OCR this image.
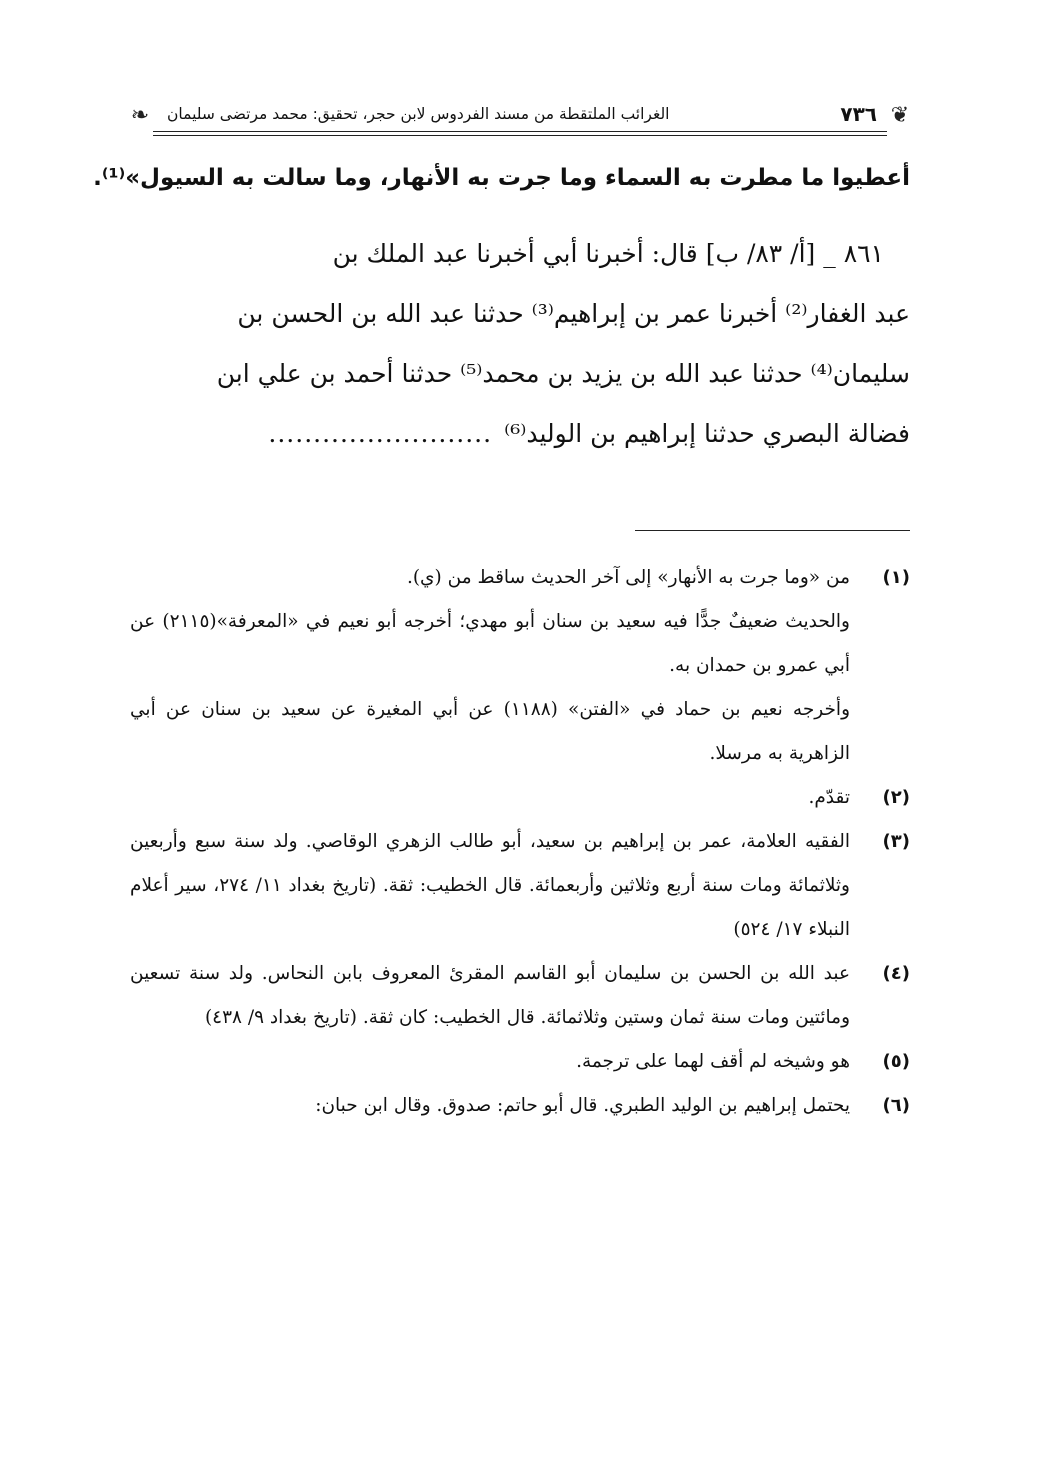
❦
٧٣٦
الغرائب الملتقطة من مسند الفردوس لابن حجر، تحقيق: محمد مرتضى سليمان
❧
أعطيوا ما مطرت به السماء وما جرت به الأنهار، وما سالت به السيول»⁽¹⁾.
٨٦١ _ [أ/ ٨٣/ ب] قال: أخبرنا أبي أخبرنا عبد الملك بن
عبد الغفار⁽²⁾ أخبرنا عمر بن إبراهيم⁽³⁾ حدثنا عبد الله بن الحسن بن
سليمان⁽⁴⁾ حدثنا عبد الله بن يزيد بن محمد⁽⁵⁾ حدثنا أحمد بن علي ابن
فضالة البصري حدثنا إبراهيم بن الوليد⁽⁶⁾
.........................
(١)
من «وما جرت به الأنهار» إلى آخر الحديث ساقط من (ي).
والحديث ضعيفٌ جدًّا فيه سعيد بن سنان أبو مهدي؛ أخرجه أبو نعيم في «المعرفة»(٢١١٥) عن أبي عمرو بن حمدان به.
وأخرجه نعيم بن حماد في «الفتن» (١١٨٨) عن أبي المغيرة عن سعيد بن سنان عن أبي الزاهرية به مرسلا.
(٢)
تقدّم.
(٣)
الفقيه العلامة، عمر بن إبراهيم بن سعيد، أبو طالب الزهري الوقاصي. ولد سنة سبع وأربعين وثلاثمائة ومات سنة أربع وثلاثين وأربعمائة. قال الخطيب: ثقة. (تاريخ بغداد ١١/ ٢٧٤، سير أعلام النبلاء ١٧/ ٥٢٤)
(٤)
عبد الله بن الحسن بن سليمان أبو القاسم المقرئ المعروف بابن النحاس. ولد سنة تسعين ومائتين ومات سنة ثمان وستين وثلاثمائة. قال الخطيب: كان ثقة. (تاريخ بغداد ٩/ ٤٣٨)
(٥)
هو وشيخه لم أقف لهما على ترجمة.
(٦)
يحتمل إبراهيم بن الوليد الطبري. قال أبو حاتم: صدوق. وقال ابن حبان:
